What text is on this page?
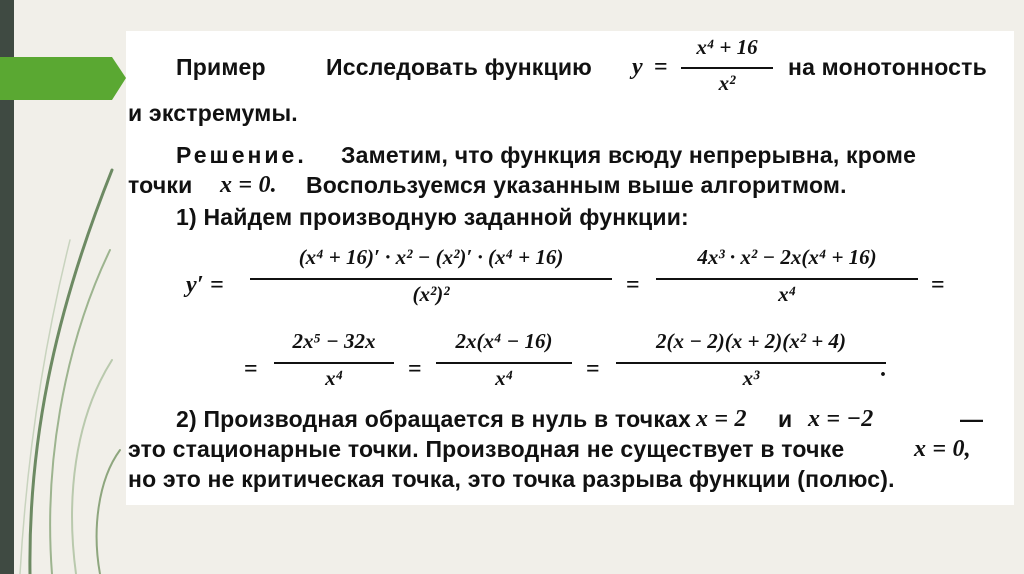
Пример	Исследовать функцию y =
x⁴ + 16
x²
на монотонность
и экстремумы.
Решение. Заметим, что функция всюду непрерывна, кроме
точки x = 0. Воспользуемся указанным выше алгоритмом.
1) Найдем производную заданной функции:
y′ =
(x⁴ + 16)′ · x² − (x²)′ · (x⁴ + 16)
(x²)²	=
4x³ · x² − 2x(x⁴ + 16)
x⁴	=
=
2x⁵ − 32x
x⁴	=
2x(x⁴ − 16)
x⁴	=
2(x − 2)(x + 2)(x² + 4)
x³	.
2) Производная обращается в нуль в точках x = 2 и x = −2	—
это стационарные точки. Производная не существует в точке	x = 0,
но это не критическая точка, это точка разрыва функции (полюс).
